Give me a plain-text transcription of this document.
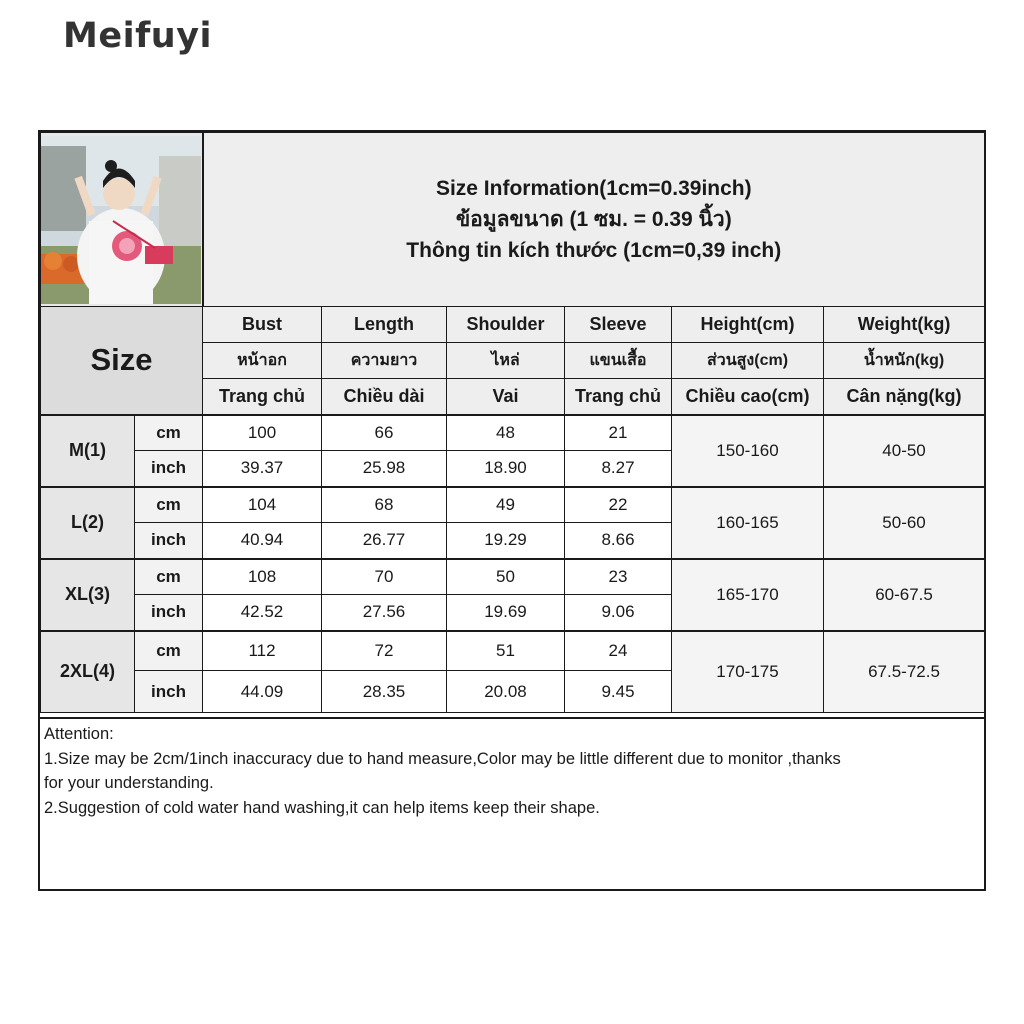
Meifuyi

Size Information(1cm=0.39inch)
ข้อมูลขนาด (1 ซม. = 0.39 นิ้ว)
Thông tin kích thước (1cm=0,39 inch)					

Size		Bust	Length	Shoulder	Sleeve	Height(cm)	Weight(kg)
		หน้าอก	ความยาว	ไหล่	แขนเสื้อ	ส่วนสูง(cm)	น้ำหนัก(kg)
		Trang chủ	Chiều dài	Vai	Trang chủ	Chiều cao(cm)	Cân nặng(kg)
M(1)	cm	100	66	48	21	150-160	40-50
	inch	39.37	25.98	18.90	8.27		
L(2)	cm	104	68	49	22	160-165	50-60
	inch	40.94	26.77	19.29	8.66		
XL(3)	cm	108	70	50	23	165-170	60-67.5
	inch	42.52	27.56	19.69	9.06		
2XL(4)	cm	112	72	51	24	170-175	67.5-72.5
	inch	44.09	28.35	20.08	9.45		
Attention:
1.Size may be 2cm/1inch inaccuracy due to hand measure,Color may be little different due to monitor ,thanks
for your understanding.
2.Suggestion of cold water hand washing,it can help items keep their shape.
